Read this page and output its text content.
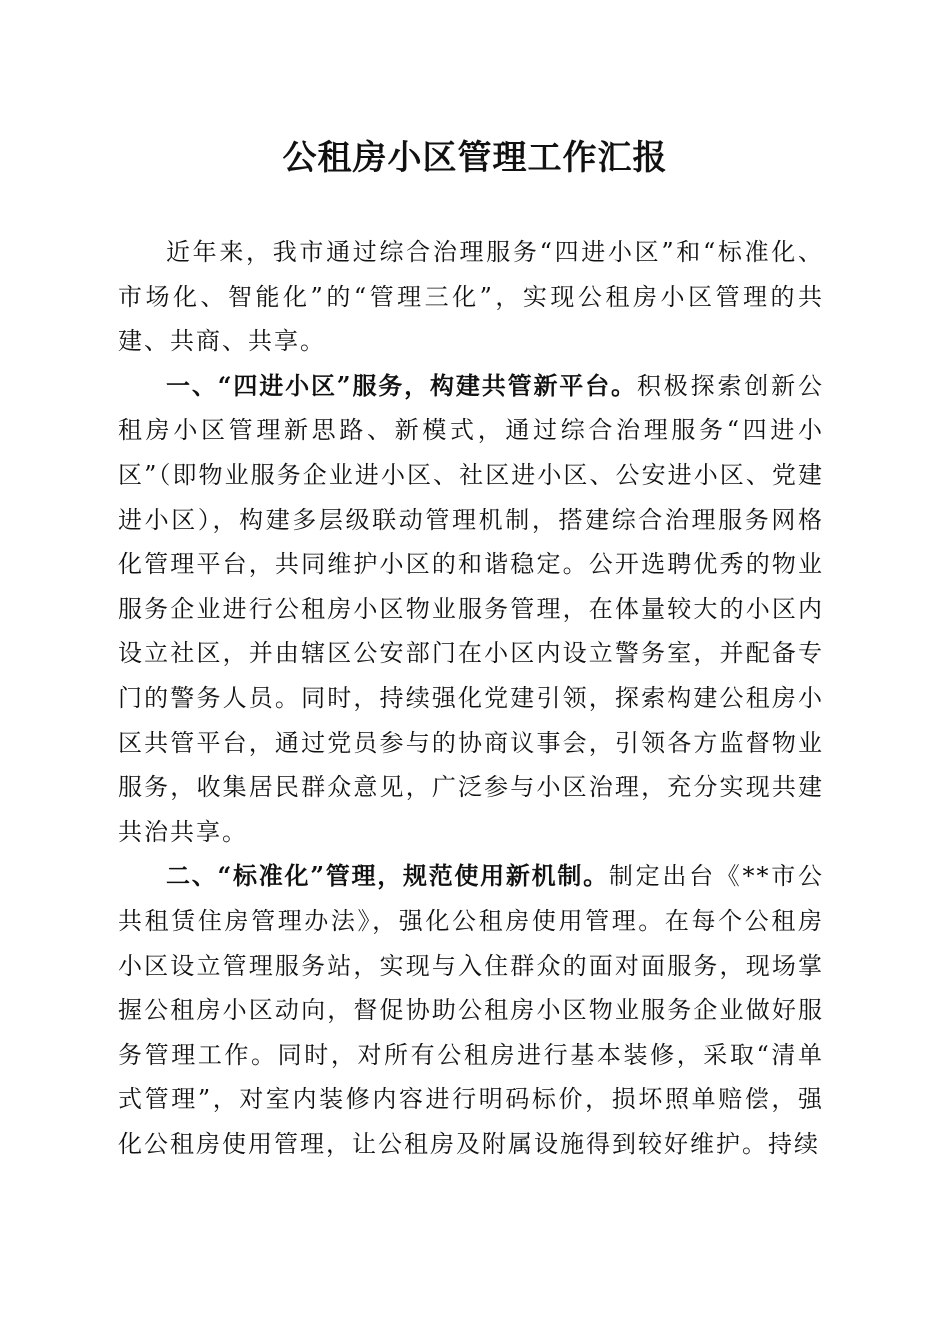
公租房小区管理工作汇报

近年来，我市通过综合治理服务“四进小区”和“标准化、市场化、智能化”的“管理三化”，实现公租房小区管理的共建、共商、共享。

一、“四进小区”服务，构建共管新平台。积极探索创新公租房小区管理新思路、新模式，通过综合治理服务“四进小区”（即物业服务企业进小区、社区进小区、公安进小区、党建进小区），构建多层级联动管理机制，搭建综合治理服务网格化管理平台，共同维护小区的和谐稳定。公开选聘优秀的物业服务企业进行公租房小区物业服务管理，在体量较大的小区内设立社区，并由辖区公安部门在小区内设立警务室，并配备专门的警务人员。同时，持续强化党建引领，探索构建公租房小区共管平台，通过党员参与的协商议事会，引领各方监督物业服务，收集居民群众意见，广泛参与小区治理，充分实现共建共治共享。

二、“标准化”管理，规范使用新机制。制定出台《**市公共租赁住房管理办法》，强化公租房使用管理。在每个公租房小区设立管理服务站，实现与入住群众的面对面服务，现场掌握公租房小区动向，督促协助公租房小区物业服务企业做好服务管理工作。同时，对所有公租房进行基本装修，采取“清单式管理”，对室内装修内容进行明码标价，损坏照单赔偿，强化公租房使用管理，让公租房及附属设施得到较好维护。持续
